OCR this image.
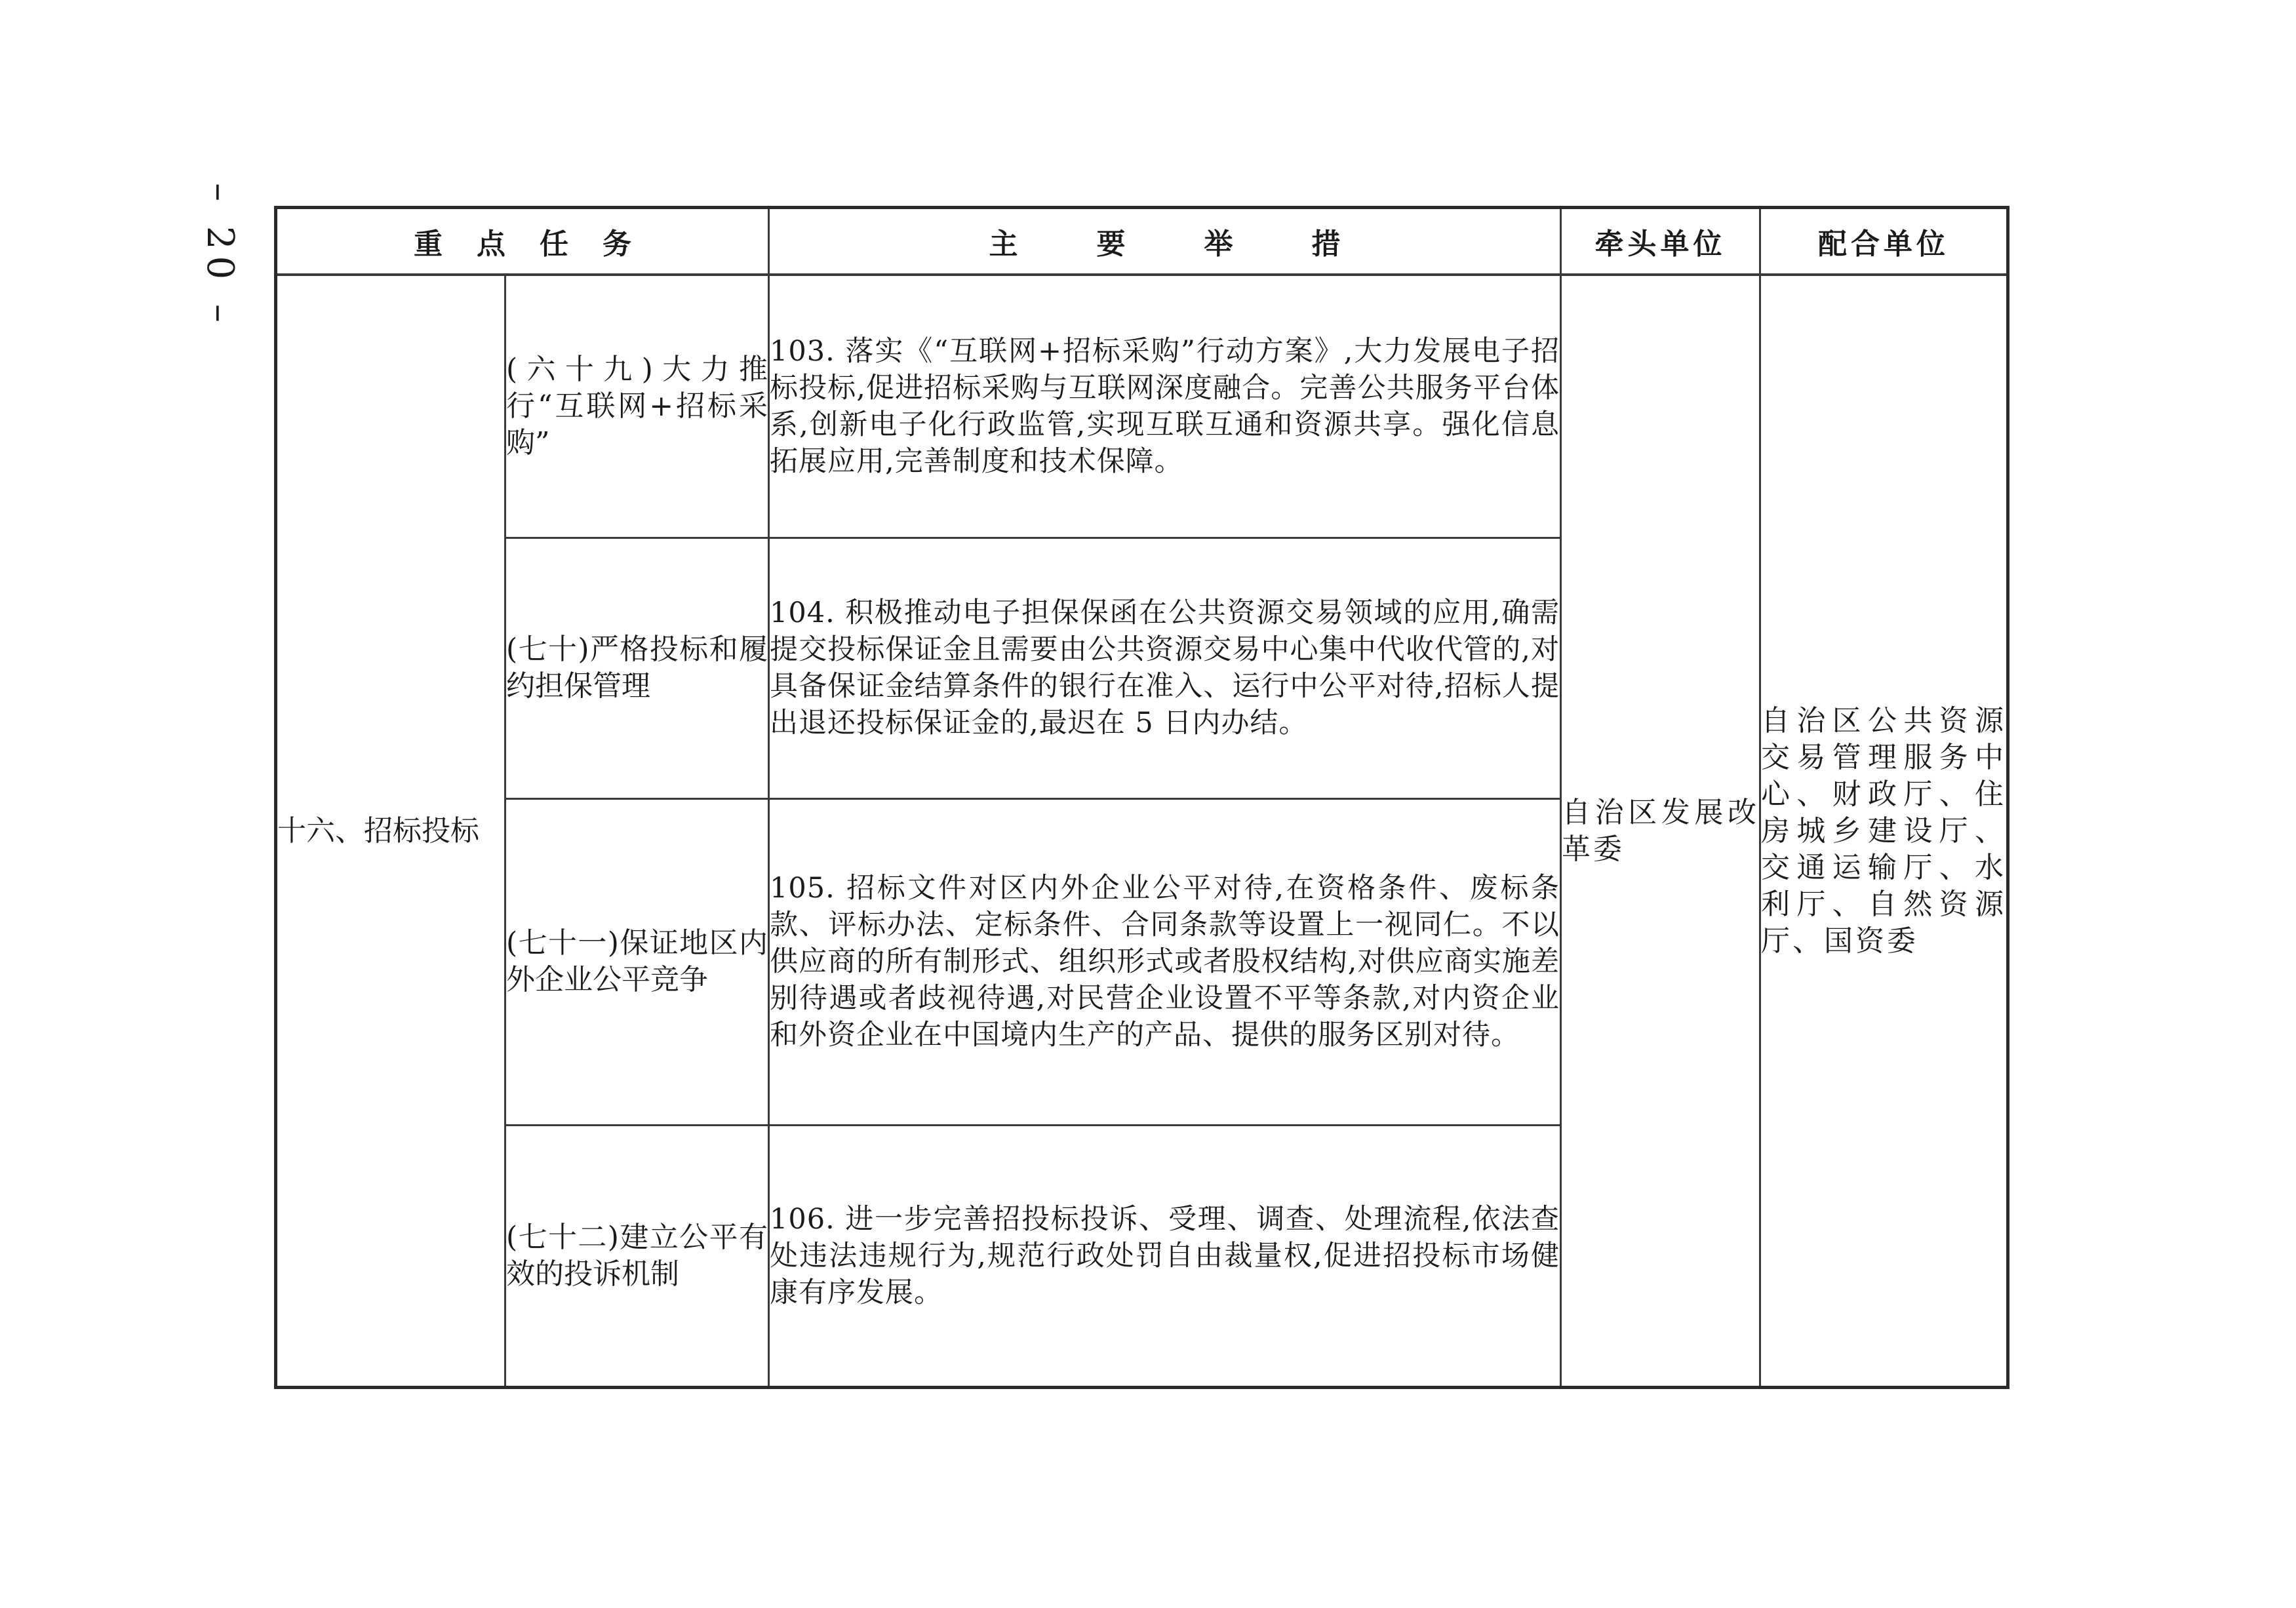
– 20 –	重点任务		主要举措	牵头单位	配合单位
十六、招标投标	(六十九)大力推行“互联网+招标采购”	103. 落实《“互联网+招标采购”行动方案》,大力发展电子招标投标,促进招标采购与互联网深度融合。完善公共服务平台体系,创新电子化行政监管,实现互联互通和资源共享。强化信息拓展应用,完善制度和技术保障。	自治区发展改革委	自治区公共资源交易管理服务中心、财政厅、住房城乡建设厅、交通运输厅、水利厅、自然资源厅、国资委
	(七十)严格投标和履约担保管理	104. 积极推动电子担保保函在公共资源交易领域的应用,确需提交投标保证金且需要由公共资源交易中心集中代收代管的,对具备保证金结算条件的银行在准入、运行中公平对待,招标人提出退还投标保证金的,最迟在 5 日内办结。		
	(七十一)保证地区内外企业公平竞争	105. 招标文件对区内外企业公平对待,在资格条件、废标条款、评标办法、定标条件、合同条款等设置上一视同仁。不以供应商的所有制形式、组织形式或者股权结构,对供应商实施差别待遇或者歧视待遇,对民营企业设置不平等条款,对内资企业和外资企业在中国境内生产的产品、提供的服务区别对待。		
	(七十二)建立公平有效的投诉机制	106. 进一步完善招投标投诉、受理、调查、处理流程,依法查处违法违规行为,规范行政处罚自由裁量权,促进招投标市场健康有序发展。		
